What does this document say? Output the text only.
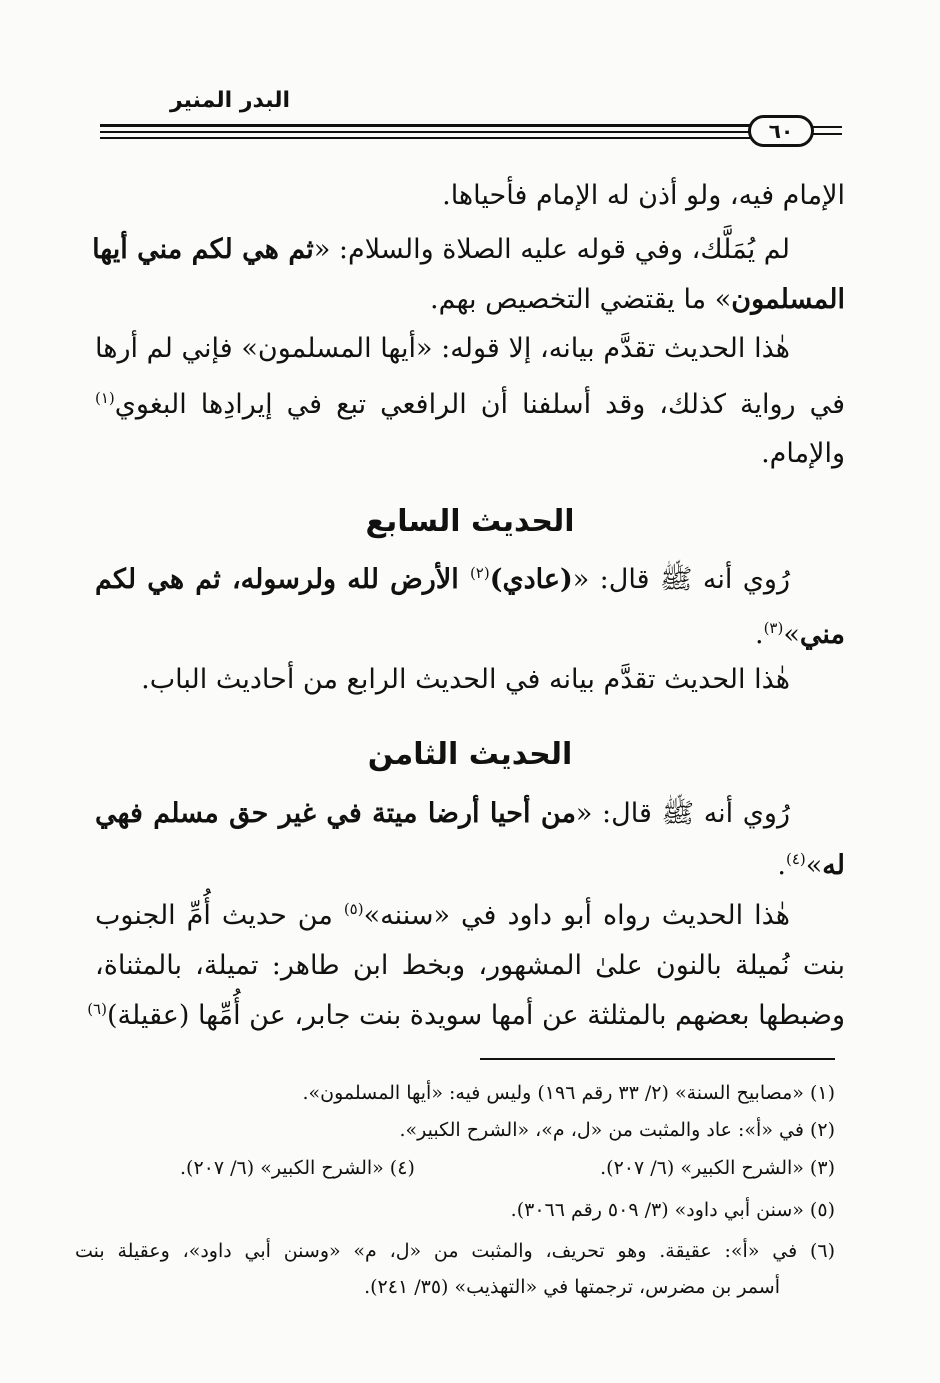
البدر المنير
٦٠
الإمام فيه، ولو أذن له الإمام فأحياها.
لم يُمَلَّك، وفي قوله عليه الصلاة والسلام: «ثم هي لكم مني أيها
المسلمون» ما يقتضي التخصيص بهم.
هٰذا الحديث تقدَّم بيانه، إلا قوله: «أيها المسلمون» فإني لم أرها
في رواية كذلك، وقد أسلفنا أن الرافعي تبع في إيرادِها البغوي$^{(١)}$
والإمام.
الحديث السابع
رُوي أنه ﷺ قال: «(عادي)$^{(٢)}$ الأرض لله ولرسوله، ثم هي لكم
مني»$^{(٣)}$.
هٰذا الحديث تقدَّم بيانه في الحديث الرابع من أحاديث الباب.
الحديث الثامن
رُوي أنه ﷺ قال: «من أحيا أرضا ميتة في غير حق مسلم فهي
له»$^{(٤)}$.
هٰذا الحديث رواه أبو داود في «سننه»$^{(٥)}$ من حديث أُمِّ الجنوب
بنت نُميلة بالنون علىٰ المشهور، وبخط ابن طاهر: تميلة، بالمثناة،
وضبطها بعضهم بالمثلثة عن أمها سويدة بنت جابر، عن أُمِّها (عقيلة)$^{(٦)}$
(١) «مصابيح السنة» (٢/ ٣٣ رقم ١٩٦) وليس فيه: «أيها المسلمون».
(٢) في «أ»: عاد والمثبت من «ل، م»، «الشرح الكبير».
(٣) «الشرح الكبير» (٦/ ٢٠٧).
(٤) «الشرح الكبير» (٦/ ٢٠٧).
(٥) «سنن أبي داود» (٣/ ٥٠٩ رقم ٣٠٦٦).
(٦) في «أ»: عقيقة. وهو تحريف، والمثبت من «ل، م» «وسنن أبي داود»، وعقيلة بنت
أسمر بن مضرس، ترجمتها في «التهذيب» (٣٥/ ٢٤١).
